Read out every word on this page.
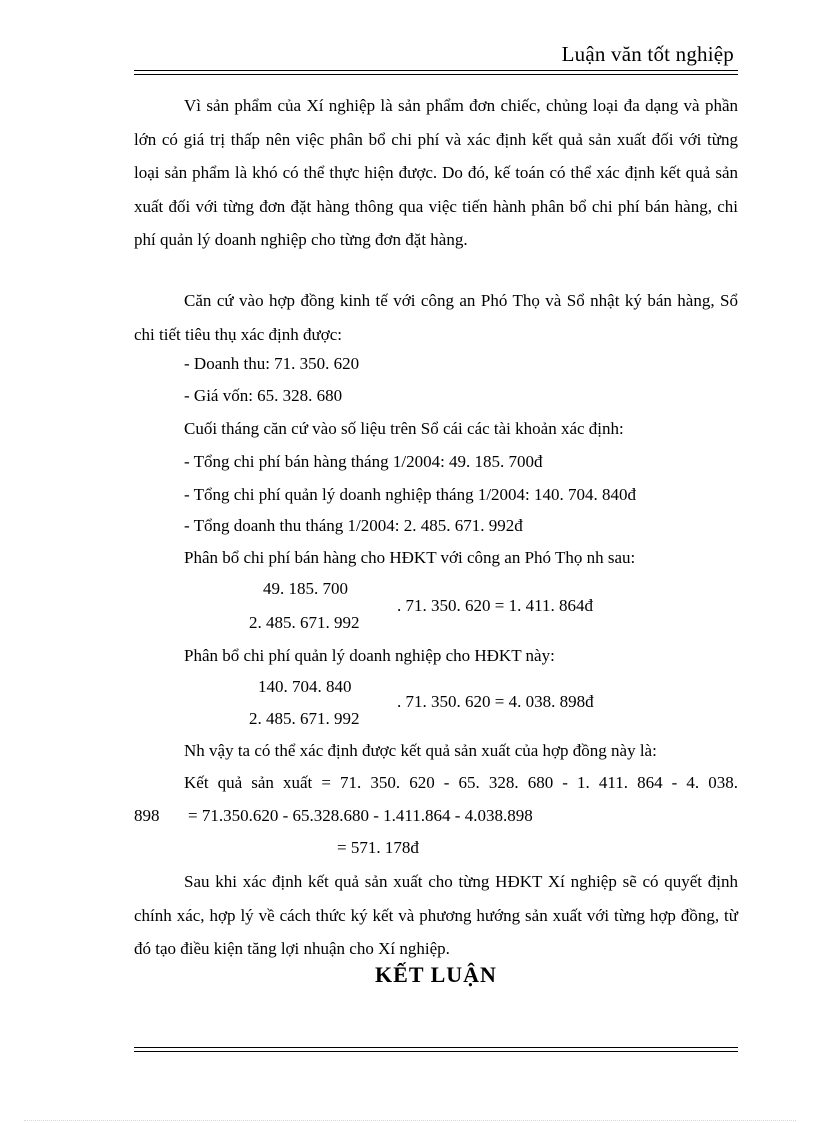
Luận văn tốt nghiệp
Vì sản phẩm của Xí nghiệp là sản phẩm đơn chiếc, chủng loại đa dạng và phần lớn có giá trị thấp nên việc phân bổ chi phí và xác định kết quả sản xuất đối với từng loại sản phẩm là khó có thể thực hiện được. Do đó, kế toán có thể xác định kết quả sản xuất đối với từng đơn đặt hàng thông qua việc tiến hành phân bổ chi phí bán hàng, chi phí quản lý doanh nghiệp cho từng đơn đặt hàng.
Căn cứ vào hợp đồng kinh tế với công an Phó Thọ và Sổ nhật ký bán hàng, Sổ chi tiết tiêu thụ xác định được:
- Doanh thu: 71. 350. 620
- Giá vốn: 65. 328. 680
Cuối tháng căn cứ vào số liệu trên Sổ cái các tài khoản xác định:
- Tổng chi phí bán hàng tháng 1/2004: 49. 185. 700đ
- Tổng chi phí quản lý doanh nghiệp tháng 1/2004: 140. 704. 840đ
- Tổng doanh thu tháng 1/2004: 2. 485. 671. 992đ
Phân bổ chi phí bán hàng cho HĐKT với công an Phó Thọ nh sau:
49. 185. 700
2. 485. 671. 992
. 71. 350. 620 = 1. 411. 864đ
Phân bổ chi phí quản lý doanh nghiệp cho HĐKT này:
140. 704. 840
2. 485. 671. 992
. 71. 350. 620 = 4. 038. 898đ
Nh vậy ta có thể xác định được kết quả sản xuất của hợp đồng này là:
Kết quả sản xuất = 71. 350. 620 - 65. 328. 680 - 1. 411. 864 - 4. 038.
898 = 71.350.620 - 65.328.680 - 1.411.864 - 4.038.898
= 571. 178đ
Sau khi xác định kết quả sản xuất cho từng HĐKT Xí nghiệp sẽ có quyết định chính xác, hợp lý về cách thức ký kết và phương hướng sản xuất với từng hợp đồng, từ đó tạo điều kiện tăng lợi nhuận cho Xí nghiệp.
KẾT LUẬN
